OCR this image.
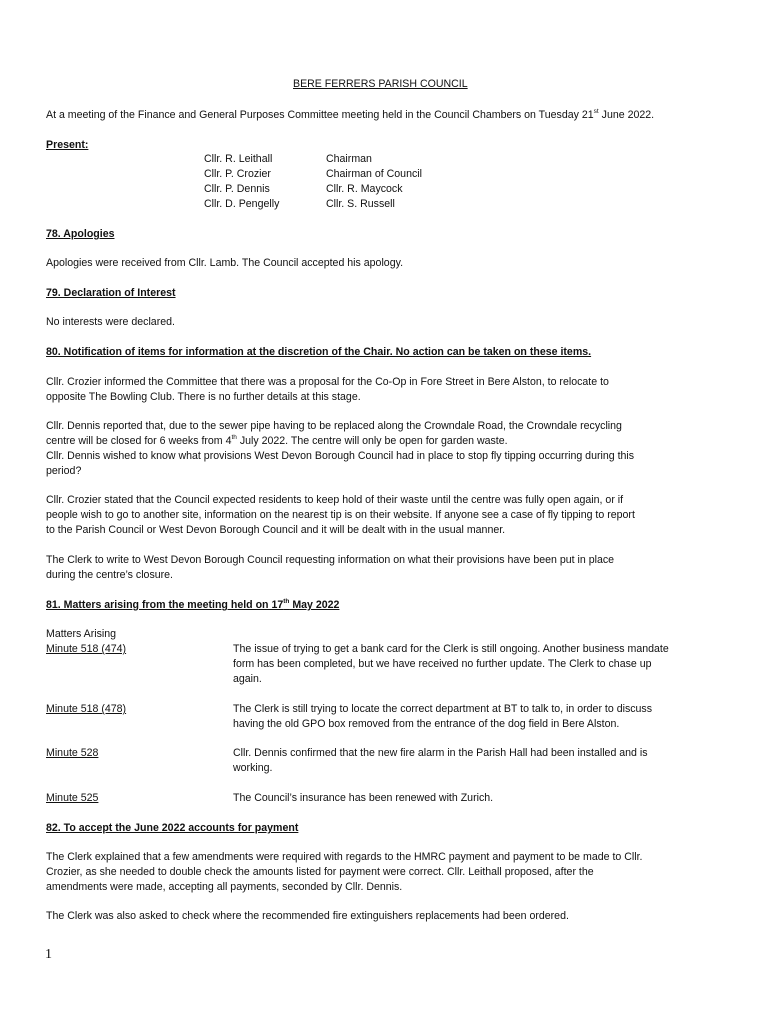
BERE FERRERS PARISH COUNCIL
At a meeting of the Finance and General Purposes Committee meeting held in the Council Chambers on Tuesday 21st June 2022.
Present:
Cllr. R. Leithall	Chairman
Cllr. P. Crozier	Chairman of Council
Cllr. P. Dennis	Cllr. R. Maycock
Cllr. D. Pengelly	Cllr. S. Russell
78. Apologies
Apologies were received from Cllr. Lamb. The Council accepted his apology.
79. Declaration of Interest
No interests were declared.
80. Notification of items for information at the discretion of the Chair. No action can be taken on these items.
Cllr. Crozier informed the Committee that there was a proposal for the Co-Op in Fore Street in Bere Alston, to relocate to
opposite The Bowling Club. There is no further details at this stage.
Cllr. Dennis reported that, due to the sewer pipe having to be replaced along the Crowndale Road, the Crowndale recycling
centre will be closed for 6 weeks from 4th July 2022. The centre will only be open for garden waste.
Cllr. Dennis wished to know what provisions West Devon Borough Council had in place to stop fly tipping occurring during this
period?
Cllr. Crozier stated that the Council expected residents to keep hold of their waste until the centre was fully open again, or if
people wish to go to another site, information on the nearest tip is on their website. If anyone see a case of fly tipping to report
to the Parish Council or West Devon Borough Council and it will be dealt with in the usual manner.
The Clerk to write to West Devon Borough Council requesting information on what their provisions have been put in place
during the centre’s closure.
81. Matters arising from the meeting held on 17th May 2022
Matters Arising
Minute 518 (474)	The issue of trying to get a bank card for the Clerk is still ongoing. Another business mandate
form has been completed, but we have received no further update. The Clerk to chase up
again.
Minute 518 (478)	The Clerk is still trying to locate the correct department at BT to talk to, in order to discuss
having the old GPO box removed from the entrance of the dog field in Bere Alston.
Minute 528	Cllr. Dennis confirmed that the new fire alarm in the Parish Hall had been installed and is
working.
Minute 525	The Council’s insurance has been renewed with Zurich.
82. To accept the June 2022 accounts for payment
The Clerk explained that a few amendments were required with regards to the HMRC payment and payment to be made to Cllr.
Crozier, as she needed to double check the amounts listed for payment were correct. Cllr. Leithall proposed, after the
amendments were made, accepting all payments, seconded by Cllr. Dennis.
The Clerk was also asked to check where the recommended fire extinguishers replacements had been ordered.
1
